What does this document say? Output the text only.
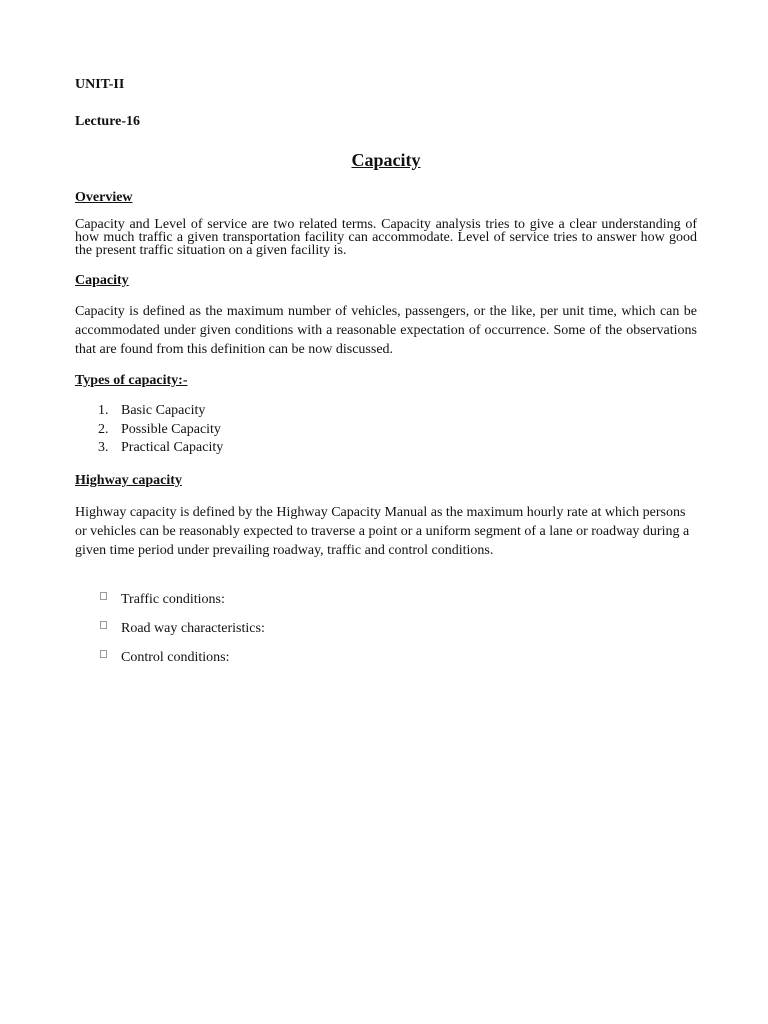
UNIT-II
Lecture-16
Capacity
Overview
Capacity and Level of service are two related terms. Capacity analysis tries to give a clear understanding of how much traffic a given transportation facility can accommodate. Level of service tries to answer how good the present traffic situation on a given facility is.
Capacity
Capacity is defined as the maximum number of vehicles, passengers, or the like, per unit time, which can be accommodated under given conditions with a reasonable expectation of occurrence. Some of the observations that are found from this definition can be now discussed.
Types of capacity:-
1. Basic Capacity
2. Possible Capacity
3. Practical Capacity
Highway capacity
Highway capacity is defined by the Highway Capacity Manual as the maximum hourly rate at which persons or vehicles can be reasonably expected to traverse a point or a uniform segment of a lane or roadway during a given time period under prevailing roadway, traffic and control conditions.
Traffic conditions:
Road way characteristics:
Control conditions:
